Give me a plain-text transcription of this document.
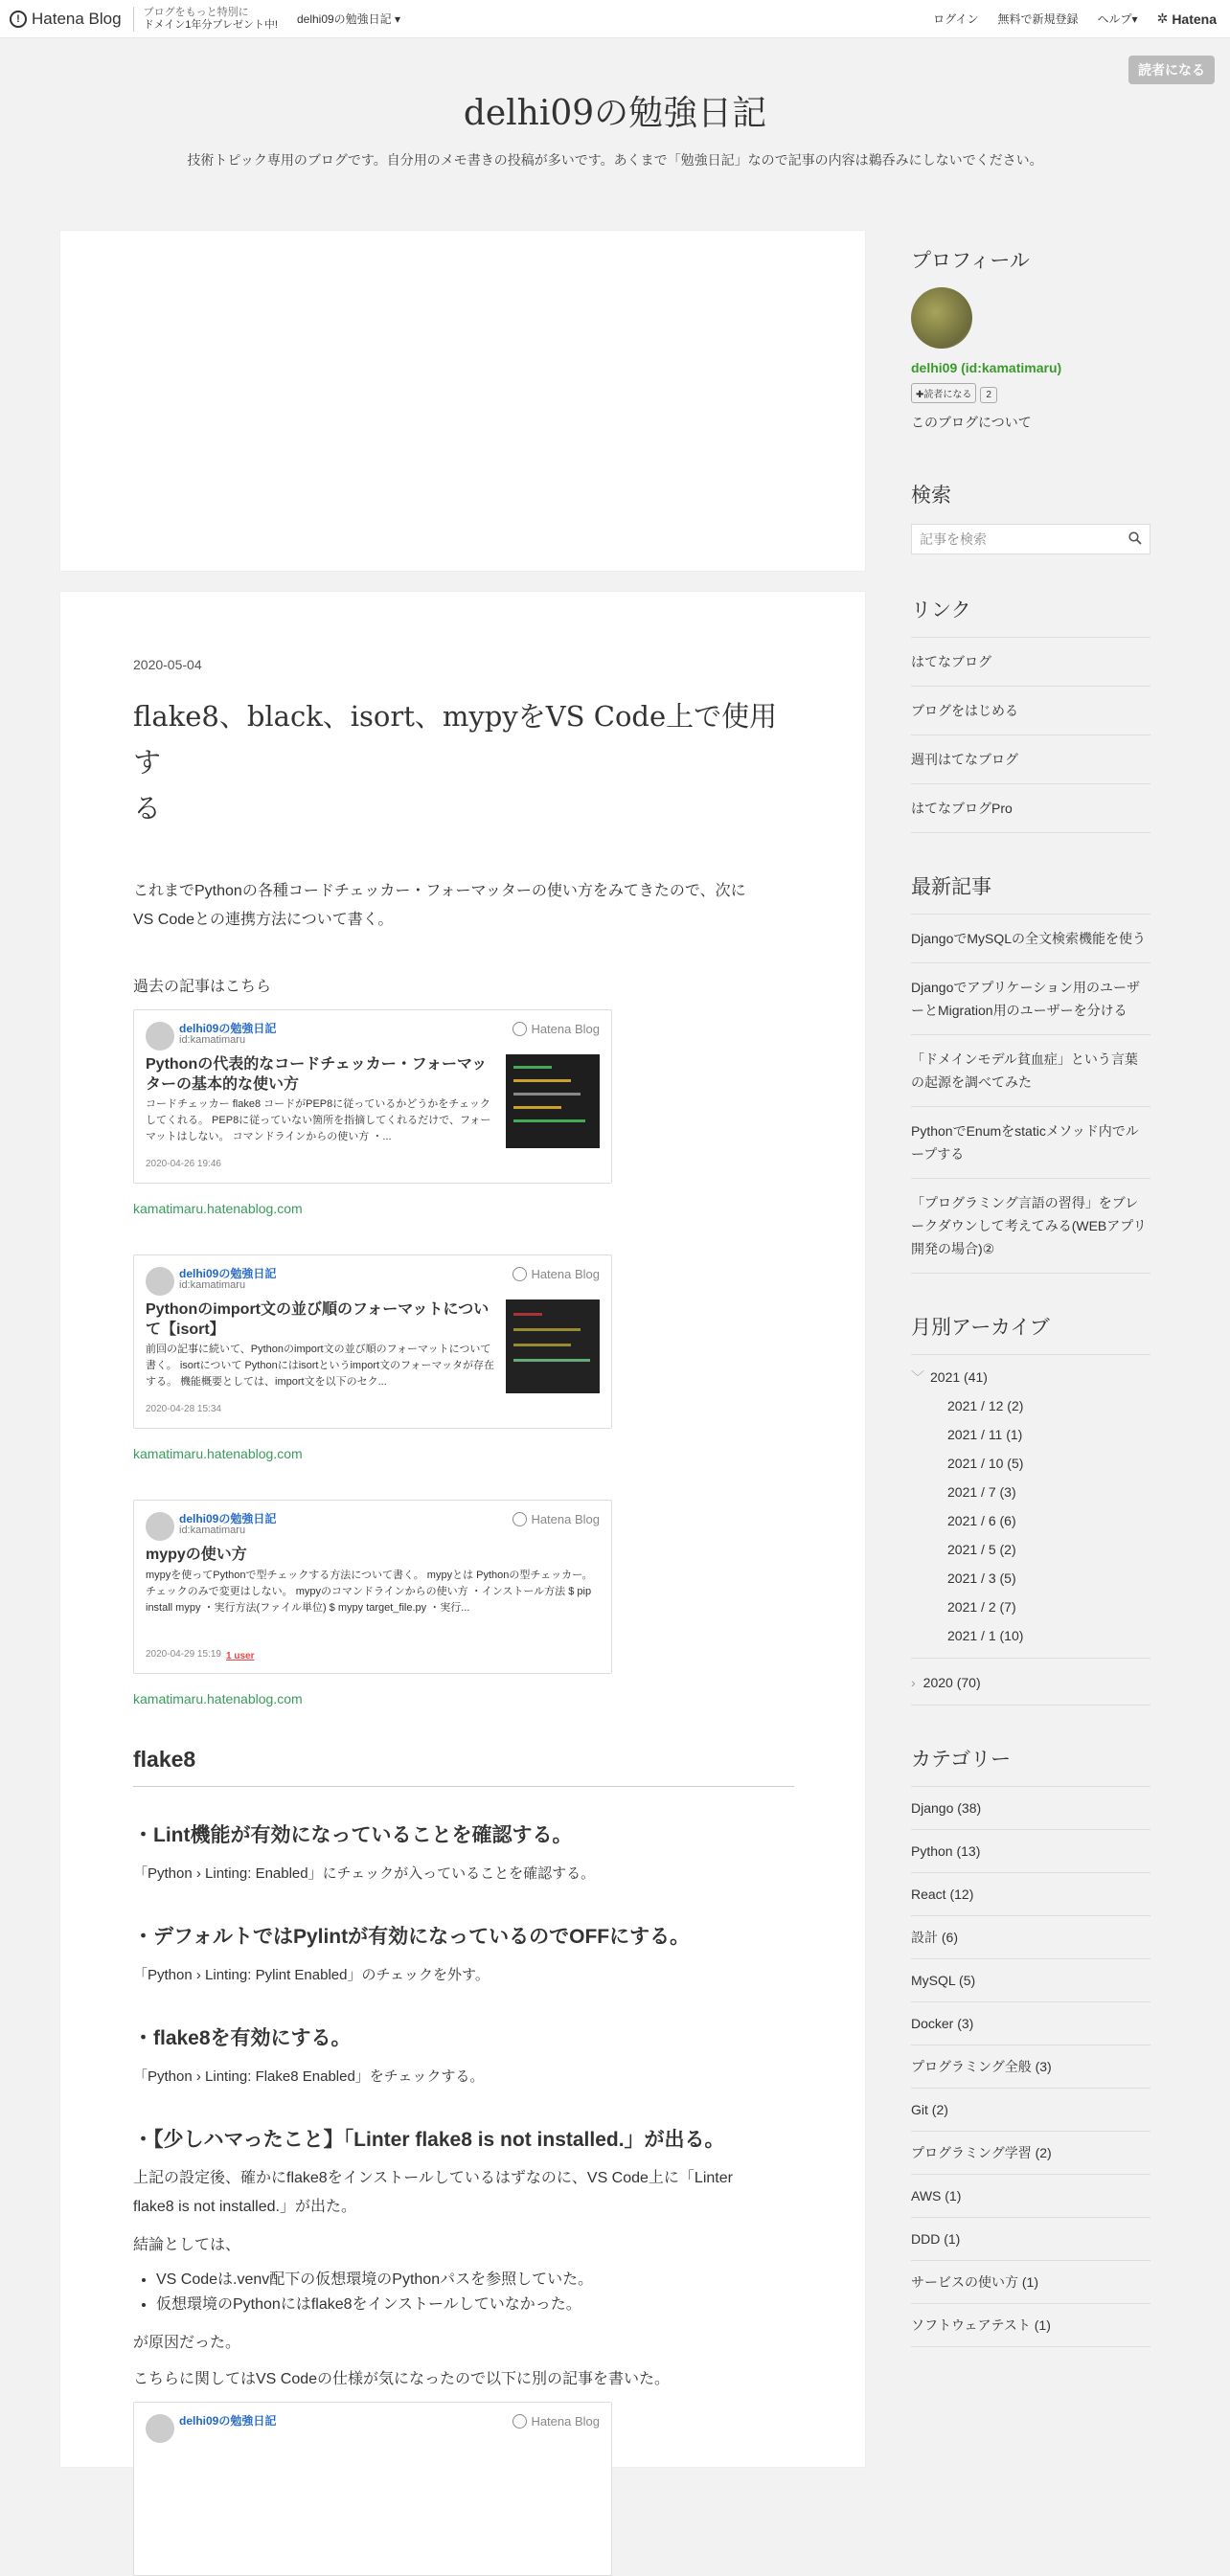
! Hatena Blog ブログをもっと特別に
ドメイン1年分プレゼント中! delhi09の勉強日記 ▾	ログイン 無料で新規登録 ヘルプ▾ ✲ Hatena
読者になる
delhi09の勉強日記
技術トピック専用のブログです。自分用のメモ書きの投稿が多いです。あくまで「勉強日記」なので記事の内容は鵜呑みにしないでください。
2020-05-04
flake8、black、isort、mypyをVS Code上で使用す
る
これまでPythonの各種コードチェッカー・フォーマッターの使い方をみてきたので、次に
VS Codeとの連携方法について書く。
過去の記事はこちら
delhi09の勉強日記
id:kamatimaru
Hatena Blog
Pythonの代表的なコードチェッカー・フォーマッターの基本的な使い方
コードチェッカー flake8 コードがPEP8に従っているかどうかをチェックしてくれる。 PEP8に従っていない箇所を指摘してくれるだけで、フォーマットはしない。 コマンドラインからの使い方 ・...
2020-04-26 19:46
kamatimaru.hatenablog.com
delhi09の勉強日記
id:kamatimaru
Hatena Blog
Pythonのimport文の並び順のフォーマットについて【isort】
前回の記事に続いて、Pythonのimport文の並び順のフォーマットについて書く。 isortについて Pythonにはisortというimport文のフォーマッタが存在する。 機能概要としては、import文を以下のセク...
2020-04-28 15:34
kamatimaru.hatenablog.com
delhi09の勉強日記
id:kamatimaru
Hatena Blog
mypyの使い方
mypyを使ってPythonで型チェックする方法について書く。 mypyとは Pythonの型チェッカー。チェックのみで変更はしない。 mypyのコマンドラインからの使い方 ・インストール方法 $ pip install mypy ・実行方法(ファイル単位) $ mypy target_file.py ・実行...
2020-04-29 15:19 1 user
kamatimaru.hatenablog.com
flake8
・Lint機能が有効になっていることを確認する。
「Python › Linting: Enabled」にチェックが入っていることを確認する。
・デフォルトではPylintが有効になっているのでOFFにする。
「Python › Linting: Pylint Enabled」のチェックを外す。
・flake8を有効にする。
「Python › Linting: Flake8 Enabled」をチェックする。
・【少しハマったこと】「Linter flake8 is not installed.」が出る。
上記の設定後、確かにflake8をインストールしているはずなのに、VS Code上に「Linter
flake8 is not installed.」が出た。
結論としては、
• VS Codeは.venv配下の仮想環境のPythonパスを参照していた。
• 仮想環境のPythonにはflake8をインストールしていなかった。
が原因だった。
こちらに関してはVS Codeの仕様が気になったので以下に別の記事を書いた。
delhi09の勉強日記	Hatena Blog
プロフィール
delhi09 (id:kamatimaru)
✚読者になる 2
このブログについて
検索
記事を検索
リンク
はてなブログ
ブログをはじめる
週刊はてなブログ
はてなブログPro
最新記事
DjangoでMySQLの全文検索機能を使う
Djangoでアプリケーション用のユーザーとMigration用のユーザーを分ける
「ドメインモデル貧血症」という言葉の起源を調べてみた
PythonでEnumをstaticメソッド内でループする
「プログラミング言語の習得」をブレークダウンして考えてみる(WEBアプリ開発の場合)②
月別アーカイブ
﹀ 2021 (41)
2021 / 12 (2)
2021 / 11 (1)
2021 / 10 (5)
2021 / 7 (3)
2021 / 6 (6)
2021 / 5 (2)
2021 / 3 (5)
2021 / 2 (7)
2021 / 1 (10)
› 2020 (70)
カテゴリー
Django (38)
Python (13)
React (12)
設計 (6)
MySQL (5)
Docker (3)
プログラミング全般 (3)
Git (2)
プログラミング学習 (2)
AWS (1)
DDD (1)
サービスの使い方 (1)
ソフトウェアテスト (1)
